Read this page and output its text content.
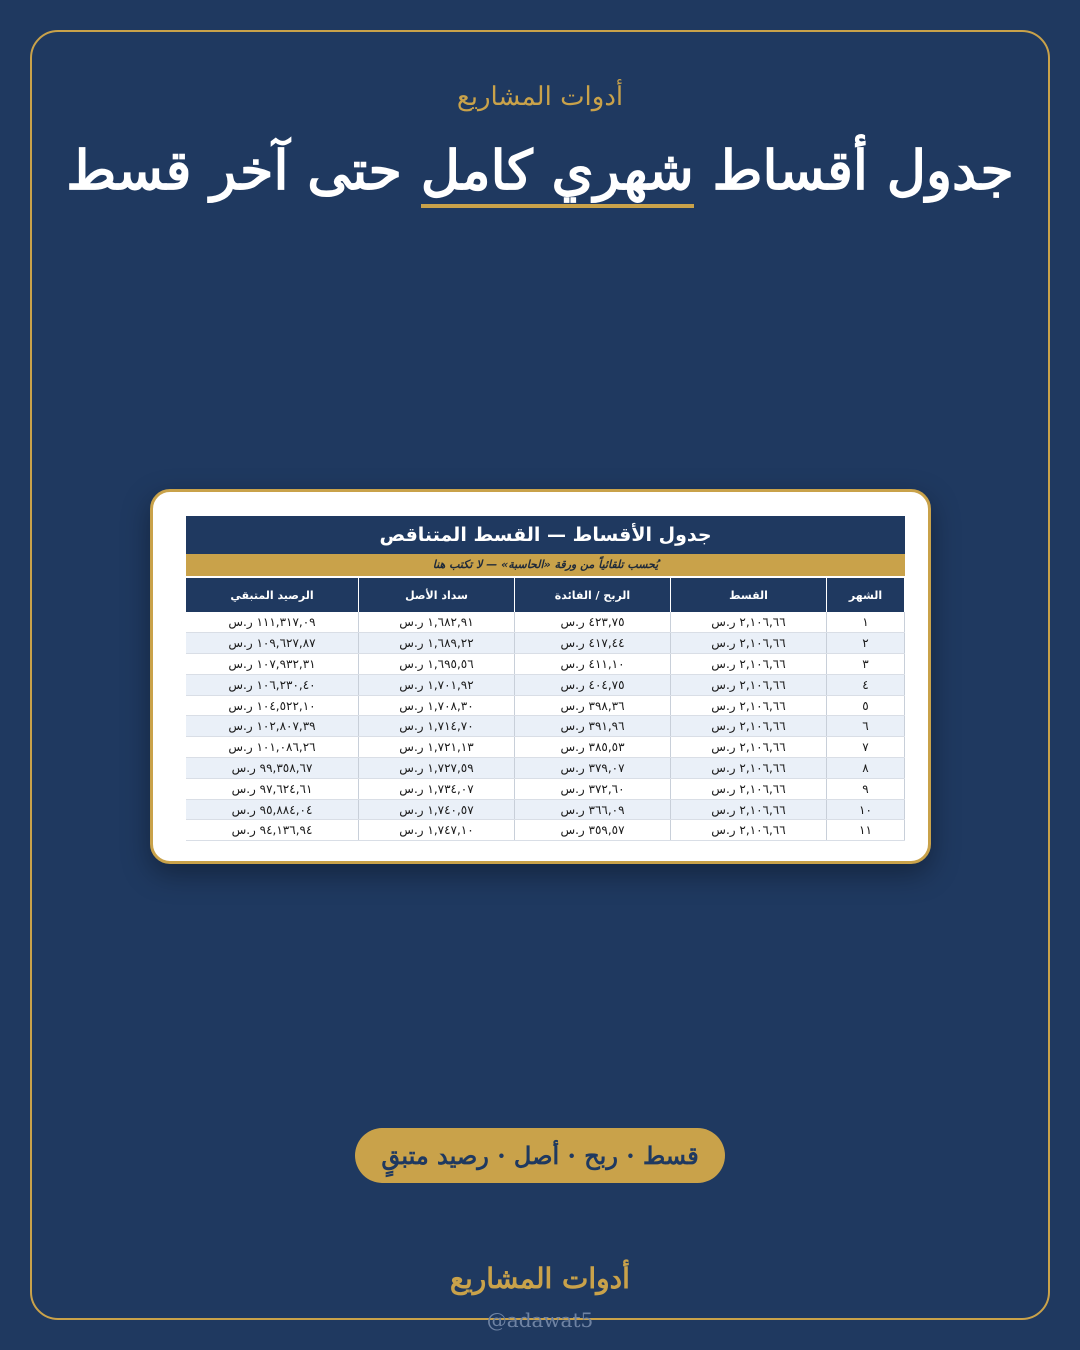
أدوات المشاريع
جدول أقساط شهري كامل حتى آخر قسط
جدول الأقساط — القسط المتناقص
يُحسب تلقائياً من ورقة «الحاسبة» — لا تكتب هنا
الشهر	القسط	الربح / الفائدة	سداد الأصل	الرصيد المتبقي
١	٢,١٠٦,٦٦ ر.س	٤٢٣,٧٥ ر.س	١,٦٨٢,٩١ ر.س	١١١,٣١٧,٠٩ ر.س
٢	٢,١٠٦,٦٦ ر.س	٤١٧,٤٤ ر.س	١,٦٨٩,٢٢ ر.س	١٠٩,٦٢٧,٨٧ ر.س
٣	٢,١٠٦,٦٦ ر.س	٤١١,١٠ ر.س	١,٦٩٥,٥٦ ر.س	١٠٧,٩٣٢,٣١ ر.س
٤	٢,١٠٦,٦٦ ر.س	٤٠٤,٧٥ ر.س	١,٧٠١,٩٢ ر.س	١٠٦,٢٣٠,٤٠ ر.س
٥	٢,١٠٦,٦٦ ر.س	٣٩٨,٣٦ ر.س	١,٧٠٨,٣٠ ر.س	١٠٤,٥٢٢,١٠ ر.س
٦	٢,١٠٦,٦٦ ر.س	٣٩١,٩٦ ر.س	١,٧١٤,٧٠ ر.س	١٠٢,٨٠٧,٣٩ ر.س
٧	٢,١٠٦,٦٦ ر.س	٣٨٥,٥٣ ر.س	١,٧٢١,١٣ ر.س	١٠١,٠٨٦,٢٦ ر.س
٨	٢,١٠٦,٦٦ ر.س	٣٧٩,٠٧ ر.س	١,٧٢٧,٥٩ ر.س	٩٩,٣٥٨,٦٧ ر.س
٩	٢,١٠٦,٦٦ ر.س	٣٧٢,٦٠ ر.س	١,٧٣٤,٠٧ ر.س	٩٧,٦٢٤,٦١ ر.س
١٠	٢,١٠٦,٦٦ ر.س	٣٦٦,٠٩ ر.س	١,٧٤٠,٥٧ ر.س	٩٥,٨٨٤,٠٤ ر.س
١١	٢,١٠٦,٦٦ ر.س	٣٥٩,٥٧ ر.س	١,٧٤٧,١٠ ر.س	٩٤,١٣٦,٩٤ ر.س
قسط · ربح · أصل · رصيد متبقٍ
أدوات المشاريع
@adawat5
